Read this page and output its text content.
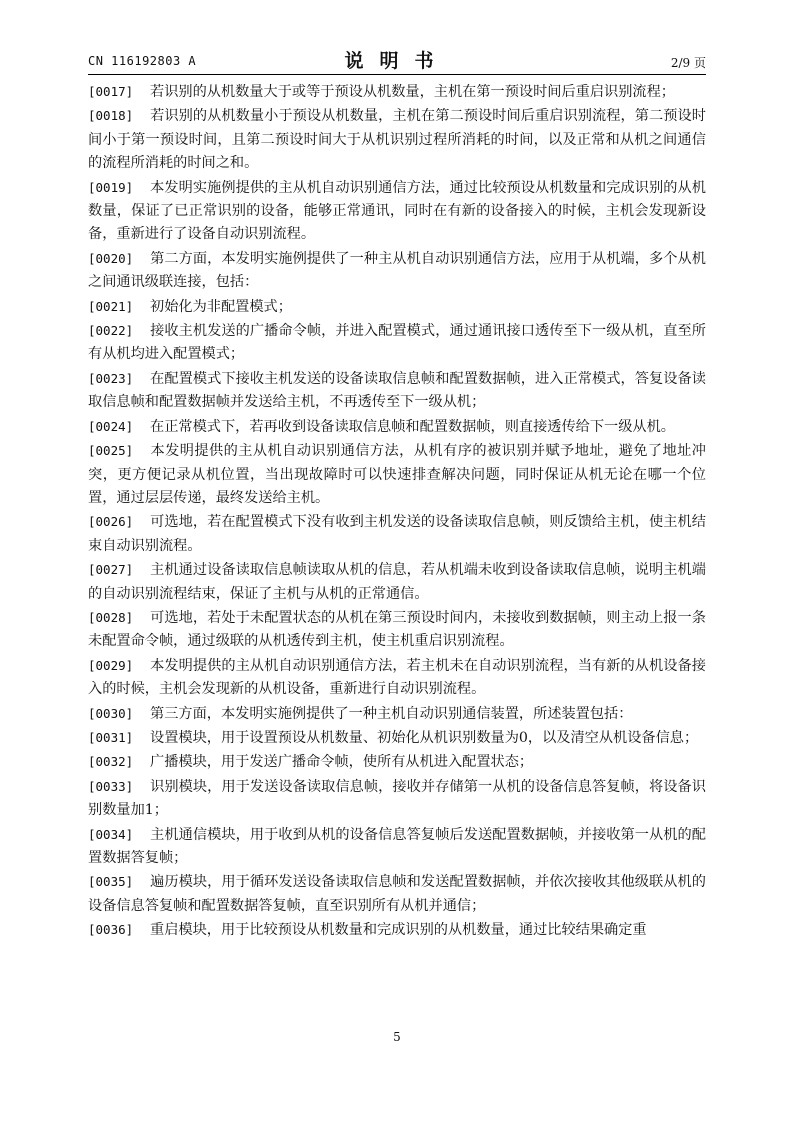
CN 116192803 A	说明书	2/9 页

[0017] 若识别的从机数量大于或等于预设从机数量，主机在第一预设时间后重启识别流程；

[0018] 若识别的从机数量小于预设从机数量，主机在第二预设时间后重启识别流程，第二预设时间小于第一预设时间，且第二预设时间大于从机识别过程所消耗的时间，以及正常和从机之间通信的流程所消耗的时间之和。

[0019] 本发明实施例提供的主从机自动识别通信方法，通过比较预设从机数量和完成识别的从机数量，保证了已正常识别的设备，能够正常通讯，同时在有新的设备接入的时候，主机会发现新设备，重新进行了设备自动识别流程。

[0020] 第二方面，本发明实施例提供了一种主从机自动识别通信方法，应用于从机端，多个从机之间通讯级联连接，包括：

[0021] 初始化为非配置模式；

[0022] 接收主机发送的广播命令帧，并进入配置模式，通过通讯接口透传至下一级从机，直至所有从机均进入配置模式；

[0023] 在配置模式下接收主机发送的设备读取信息帧和配置数据帧，进入正常模式，答复设备读取信息帧和配置数据帧并发送给主机，不再透传至下一级从机；

[0024] 在正常模式下，若再收到设备读取信息帧和配置数据帧，则直接透传给下一级从机。

[0025] 本发明提供的主从机自动识别通信方法，从机有序的被识别并赋予地址，避免了地址冲突，更方便记录从机位置，当出现故障时可以快速排查解决问题，同时保证从机无论在哪一个位置，通过层层传递，最终发送给主机。

[0026] 可选地，若在配置模式下没有收到主机发送的设备读取信息帧，则反馈给主机，使主机结束自动识别流程。

[0027] 主机通过设备读取信息帧读取从机的信息，若从机端未收到设备读取信息帧，说明主机端的自动识别流程结束，保证了主机与从机的正常通信。

[0028] 可选地，若处于未配置状态的从机在第三预设时间内，未接收到数据帧，则主动上报一条未配置命令帧，通过级联的从机透传到主机，使主机重启识别流程。

[0029] 本发明提供的主从机自动识别通信方法，若主机未在自动识别流程，当有新的从机设备接入的时候，主机会发现新的从机设备，重新进行自动识别流程。

[0030] 第三方面，本发明实施例提供了一种主机自动识别通信装置，所述装置包括：

[0031] 设置模块，用于设置预设从机数量、初始化从机识别数量为0，以及清空从机设备信息；

[0032] 广播模块，用于发送广播命令帧，使所有从机进入配置状态；

[0033] 识别模块，用于发送设备读取信息帧，接收并存储第一从机的设备信息答复帧，将设备识别数量加1；

[0034] 主机通信模块，用于收到从机的设备信息答复帧后发送配置数据帧，并接收第一从机的配置数据答复帧；

[0035] 遍历模块，用于循环发送设备读取信息帧和发送配置数据帧，并依次接收其他级联从机的设备信息答复帧和配置数据答复帧，直至识别所有从机并通信；

[0036] 重启模块，用于比较预设从机数量和完成识别的从机数量，通过比较结果确定重

5
